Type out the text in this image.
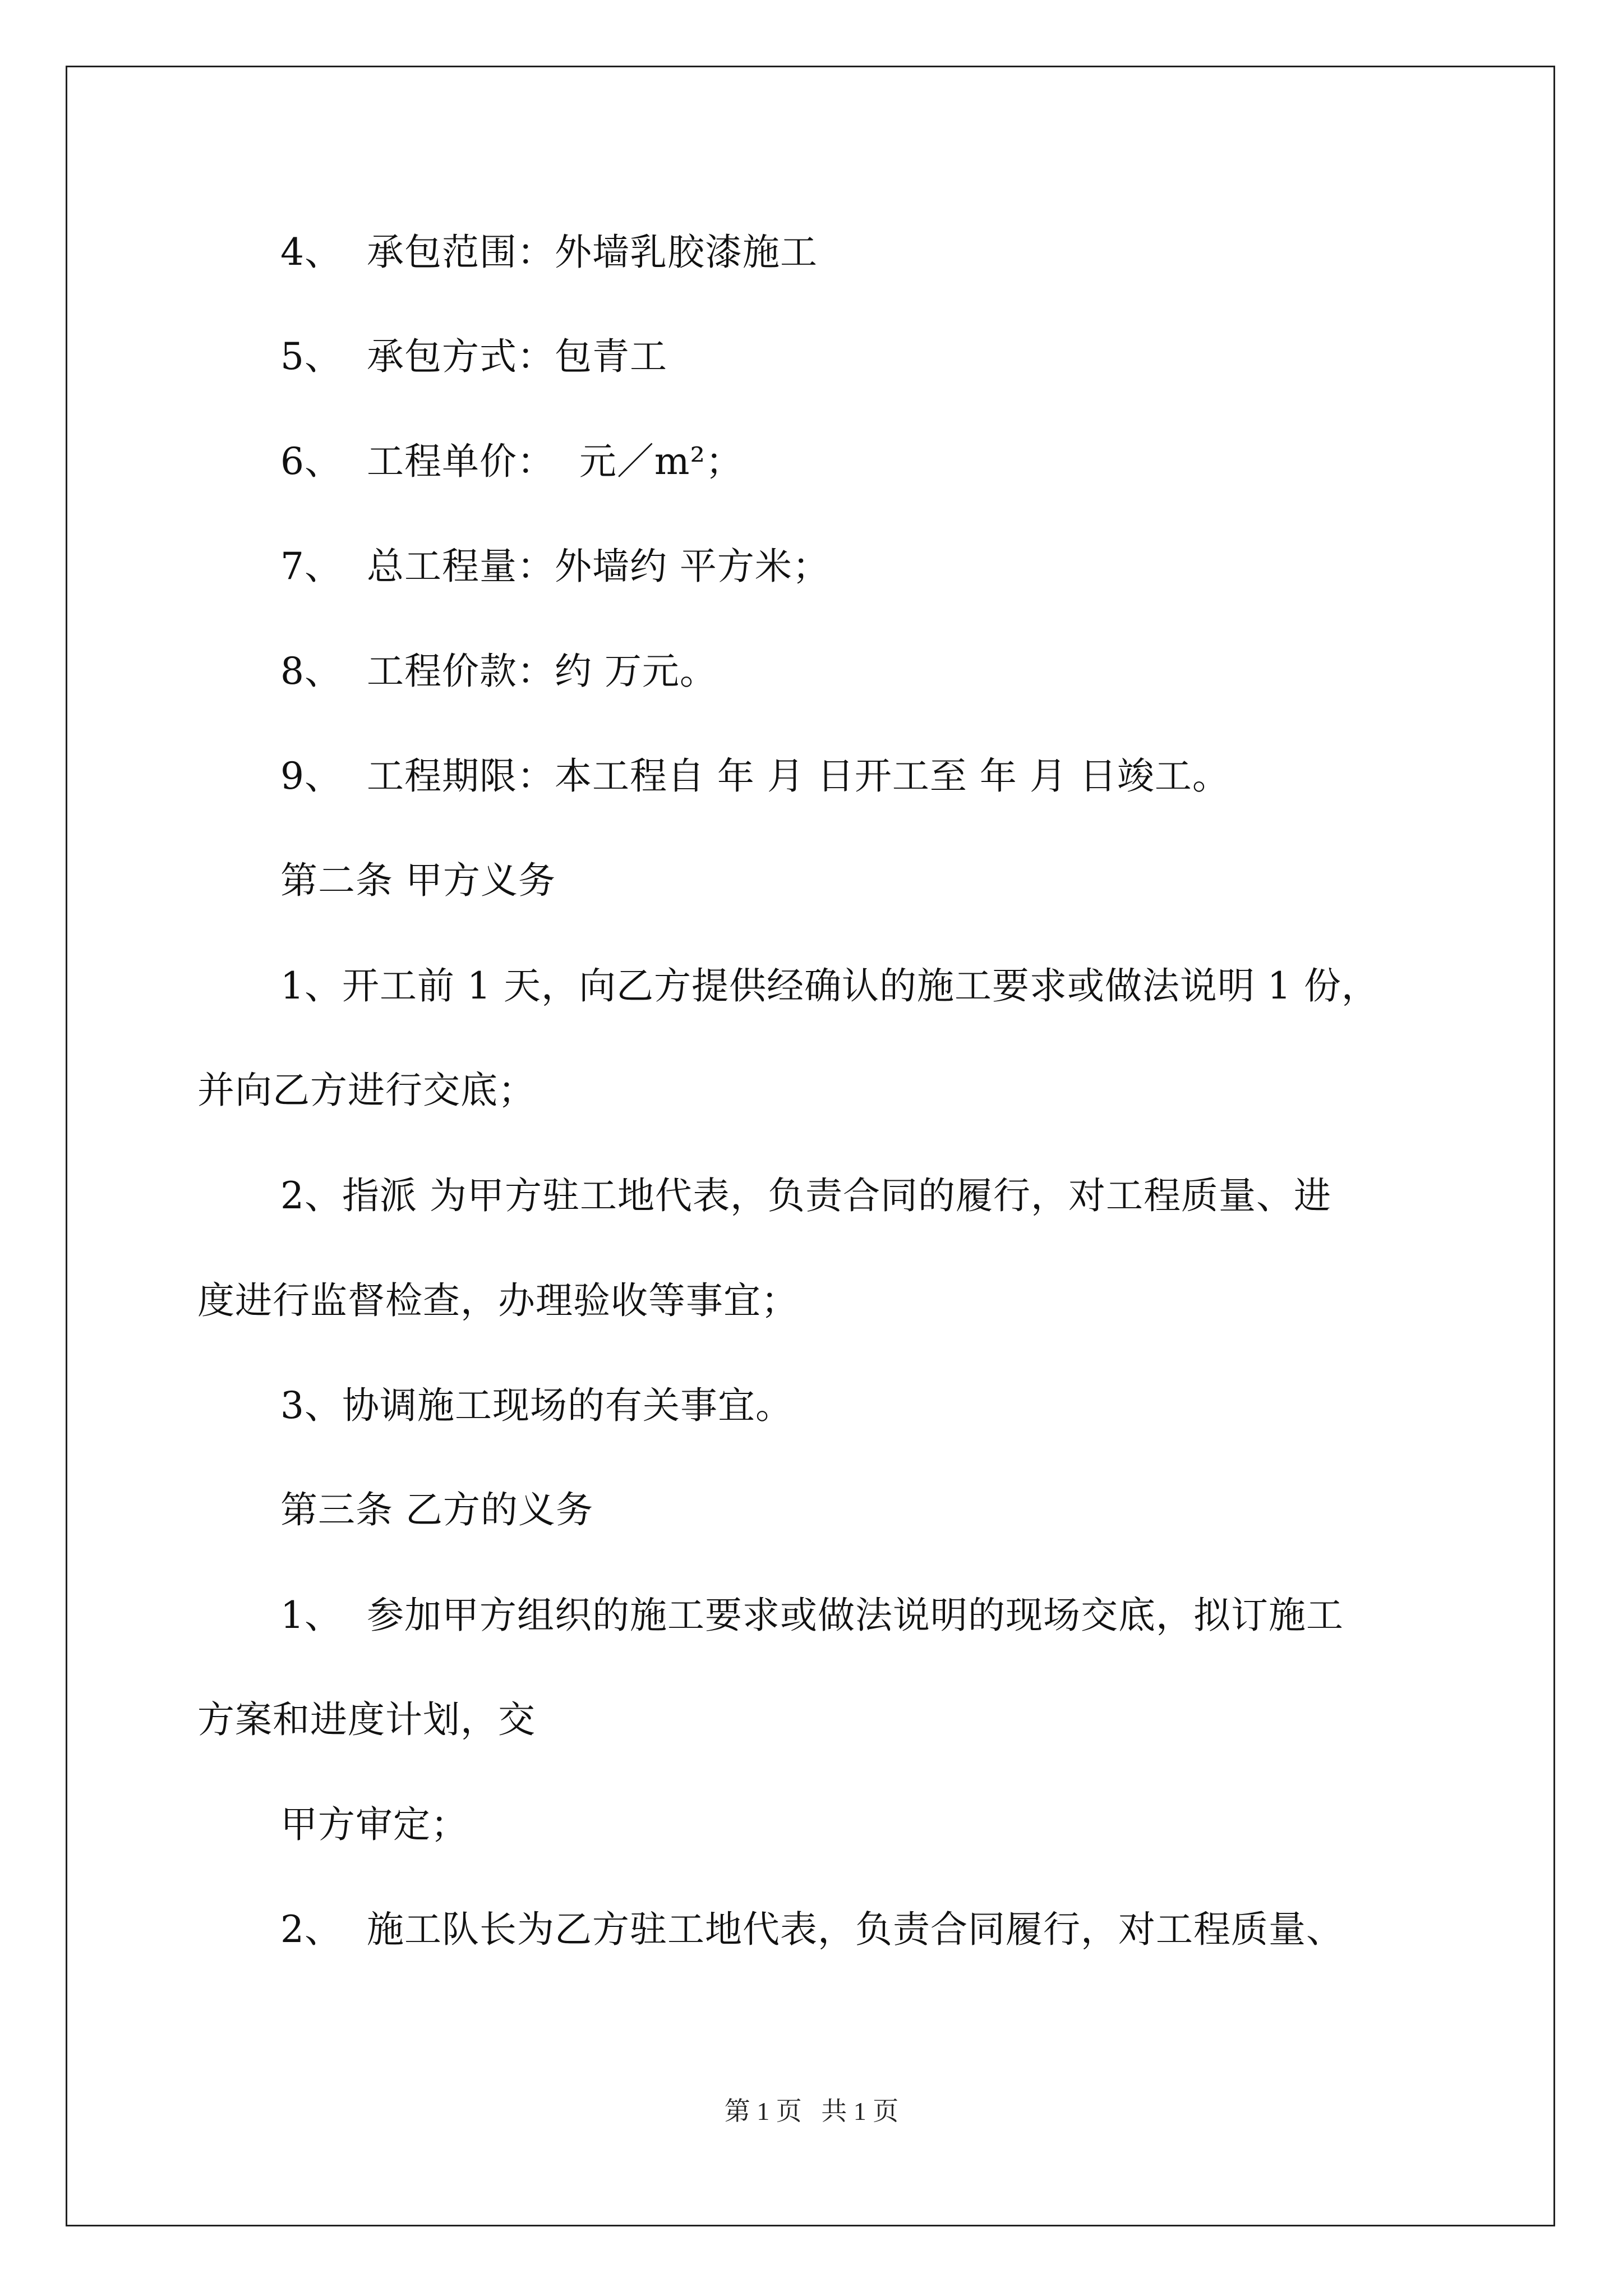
4、  承包范围：外墙乳胶漆施工
5、  承包方式：包青工
6、  工程单价：  元／m²；
7、  总工程量：外墙约 平方米；
8、  工程价款：约 万元。
9、  工程期限：本工程自 年 月 日开工至 年 月 日竣工。
第二条 甲方义务
1、开工前 1 天，向乙方提供经确认的施工要求或做法说明 1 份，
并向乙方进行交底；
2、指派 为甲方驻工地代表，负责合同的履行，对工程质量、进
度进行监督检查，办理验收等事宜；
3、协调施工现场的有关事宜。
第三条 乙方的义务
1、  参加甲方组织的施工要求或做法说明的现场交底，拟订施工
方案和进度计划，交
甲方审定；
2、  施工队长为乙方驻工地代表，负责合同履行，对工程质量、
第 1 页   共 1 页
